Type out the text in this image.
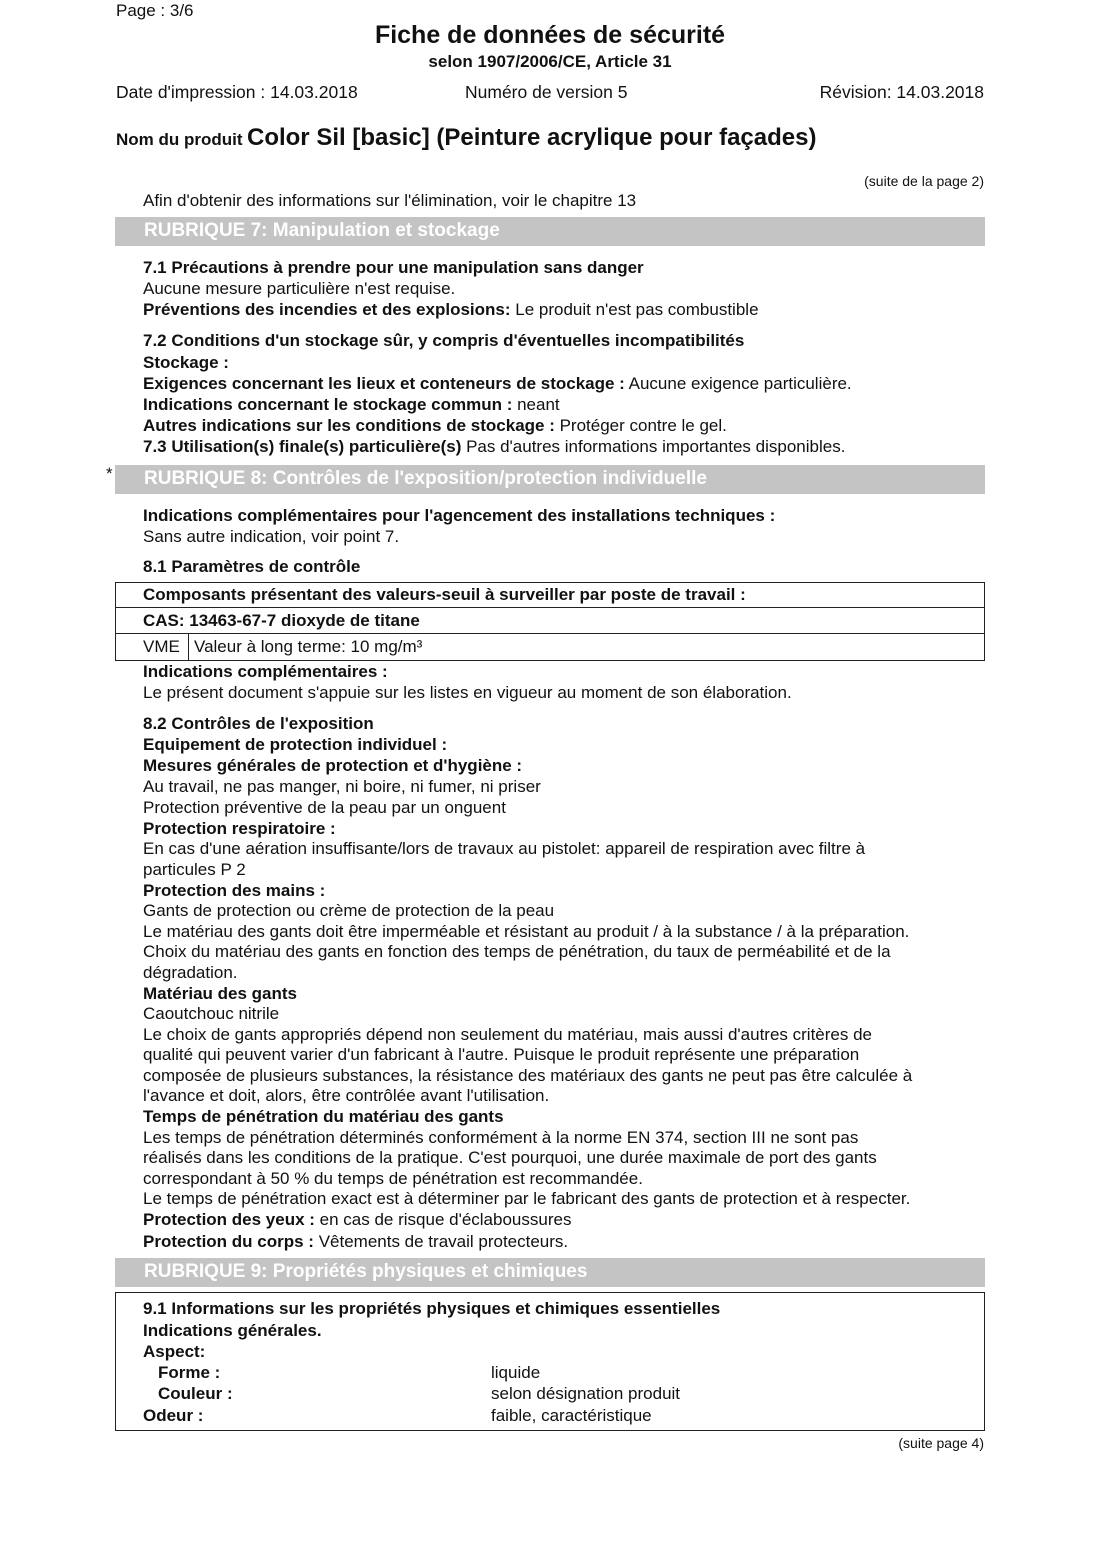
Page : 3/6
Fiche de données de sécurité
selon 1907/2006/CE, Article 31
Date d'impression : 14.03.2018	Numéro de version 5	Révision: 14.03.2018
Nom du produit Color Sil [basic] (Peinture acrylique pour façades)
(suite de la page 2)
Afin d'obtenir des informations sur l'élimination, voir le chapitre 13
RUBRIQUE 7: Manipulation et stockage
7.1 Précautions à prendre pour une manipulation sans danger
Aucune mesure particulière n'est requise.
Préventions des incendies et des explosions: Le produit n'est pas combustible
7.2 Conditions d'un stockage sûr, y compris d'éventuelles incompatibilités
Stockage :
Exigences concernant les lieux et conteneurs de stockage : Aucune exigence particulière.
Indications concernant le stockage commun : neant
Autres indications sur les conditions de stockage : Protéger contre le gel.
7.3 Utilisation(s) finale(s) particulière(s) Pas d'autres informations importantes disponibles.
* RUBRIQUE 8: Contrôles de l'exposition/protection individuelle
Indications complémentaires pour l'agencement des installations techniques :
Sans autre indication, voir point 7.
8.1 Paramètres de contrôle
Composants présentant des valeurs-seuil à surveiller par poste de travail :
CAS: 13463-67-7 dioxyde de titane
VME Valeur à long terme: 10 mg/m³
Indications complémentaires :
Le présent document s'appuie sur les listes en vigueur au moment de son élaboration.
8.2 Contrôles de l'exposition
Equipement de protection individuel :
Mesures générales de protection et d'hygiène :
Au travail, ne pas manger, ni boire, ni fumer, ni priser
Protection préventive de la peau par un onguent
Protection respiratoire :
En cas d'une aération insuffisante/lors de travaux au pistolet: appareil de respiration avec filtre à
particules P 2
Protection des mains :
Gants de protection ou crème de protection de la peau
Le matériau des gants doit être imperméable et résistant au produit / à la substance / à la préparation.
Choix du matériau des gants en fonction des temps de pénétration, du taux de perméabilité et de la
dégradation.
Matériau des gants
Caoutchouc nitrile
Le choix de gants appropriés dépend non seulement du matériau, mais aussi d'autres critères de
qualité qui peuvent varier d'un fabricant à l'autre. Puisque le produit représente une préparation
composée de plusieurs substances, la résistance des matériaux des gants ne peut pas être calculée à
l'avance et doit, alors, être contrôlée avant l'utilisation.
Temps de pénétration du matériau des gants
Les temps de pénétration déterminés conformément à la norme EN 374, section III ne sont pas
réalisés dans les conditions de la pratique. C'est pourquoi, une durée maximale de port des gants
correspondant à 50 % du temps de pénétration est recommandée.
Le temps de pénétration exact est à déterminer par le fabricant des gants de protection et à respecter.
Protection des yeux : en cas de risque d'éclaboussures
Protection du corps : Vêtements de travail protecteurs.
RUBRIQUE 9: Propriétés physiques et chimiques
9.1 Informations sur les propriétés physiques et chimiques essentielles
Indications générales.
Aspect:
Forme :	liquide
Couleur :	selon désignation produit
Odeur :	faible, caractéristique
(suite page 4)
